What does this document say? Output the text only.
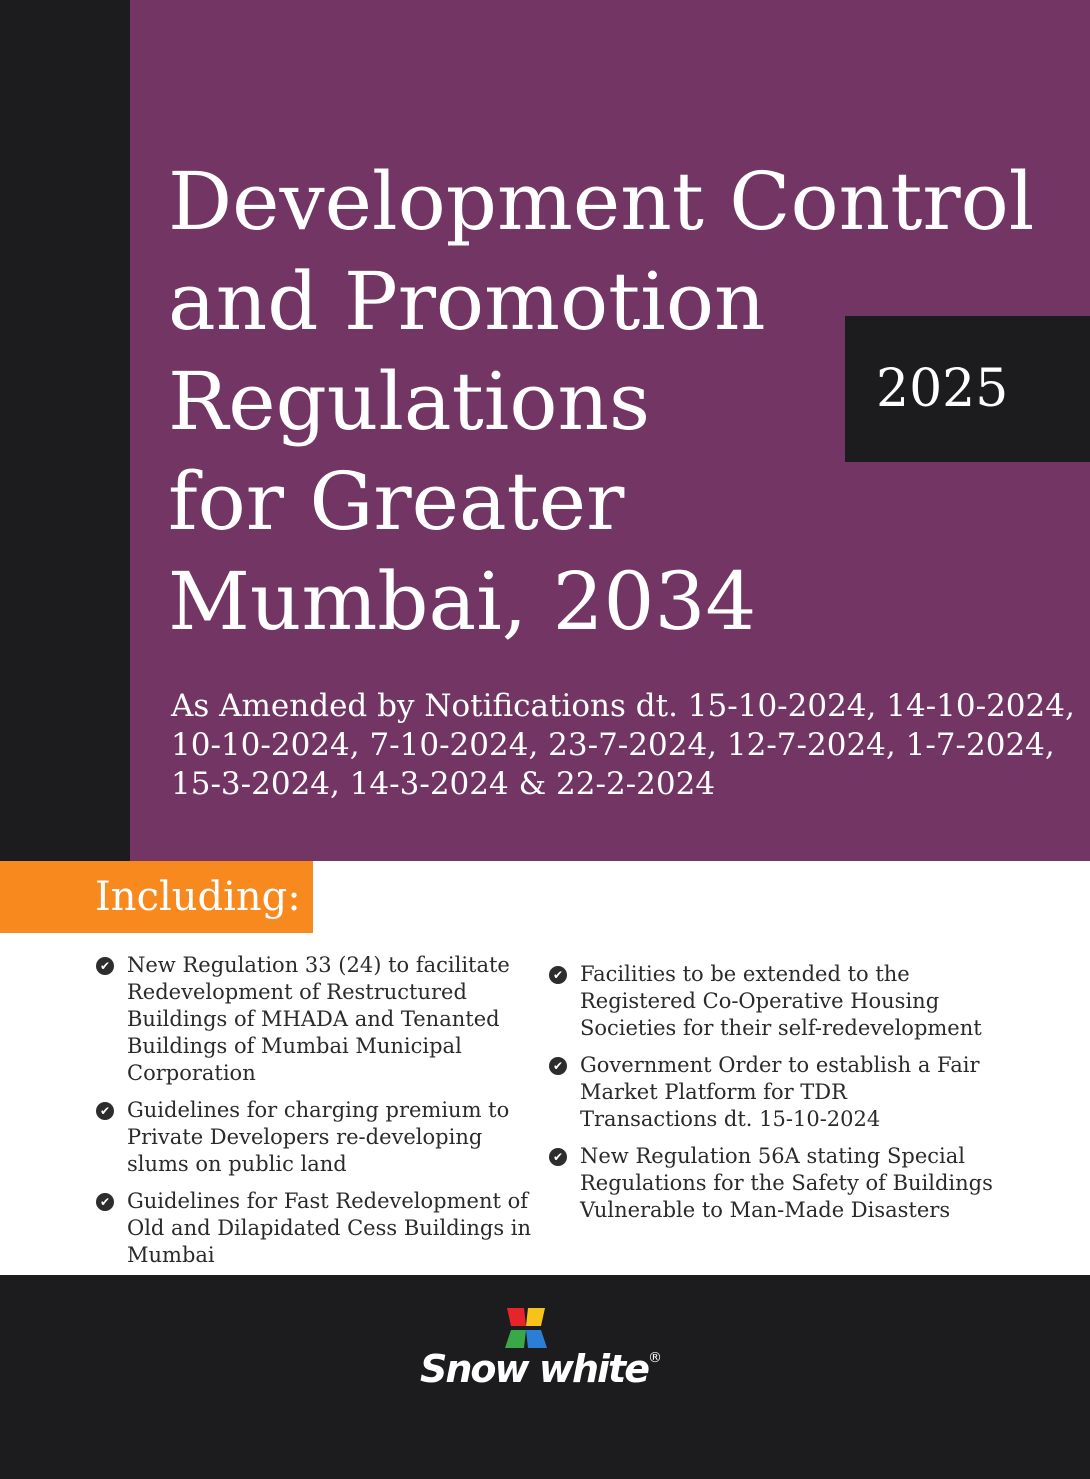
Development Control
and Promotion
Regulations
for Greater
Mumbai, 2034
2025
As Amended by Notifications dt. 15-10-2024, 14-10-2024,
10-10-2024, 7-10-2024, 23-7-2024, 12-7-2024, 1-7-2024,
15-3-2024, 14-3-2024 & 22-2-2024
Including:
✔ New Regulation 33 (24) to facilitate
Redevelopment of Restructured
Buildings of MHADA and Tenanted
Buildings of Mumbai Municipal
Corporation
✔ Guidelines for charging premium to
Private Developers re-developing
slums on public land
✔ Guidelines for Fast Redevelopment of
Old and Dilapidated Cess Buildings in
Mumbai
✔ Facilities to be extended to the
Registered Co-Operative Housing
Societies for their self-redevelopment
✔ Government Order to establish a Fair
Market Platform for TDR
Transactions dt. 15-10-2024
✔ New Regulation 56A stating Special
Regulations for the Safety of Buildings
Vulnerable to Man-Made Disasters
Snow white®
